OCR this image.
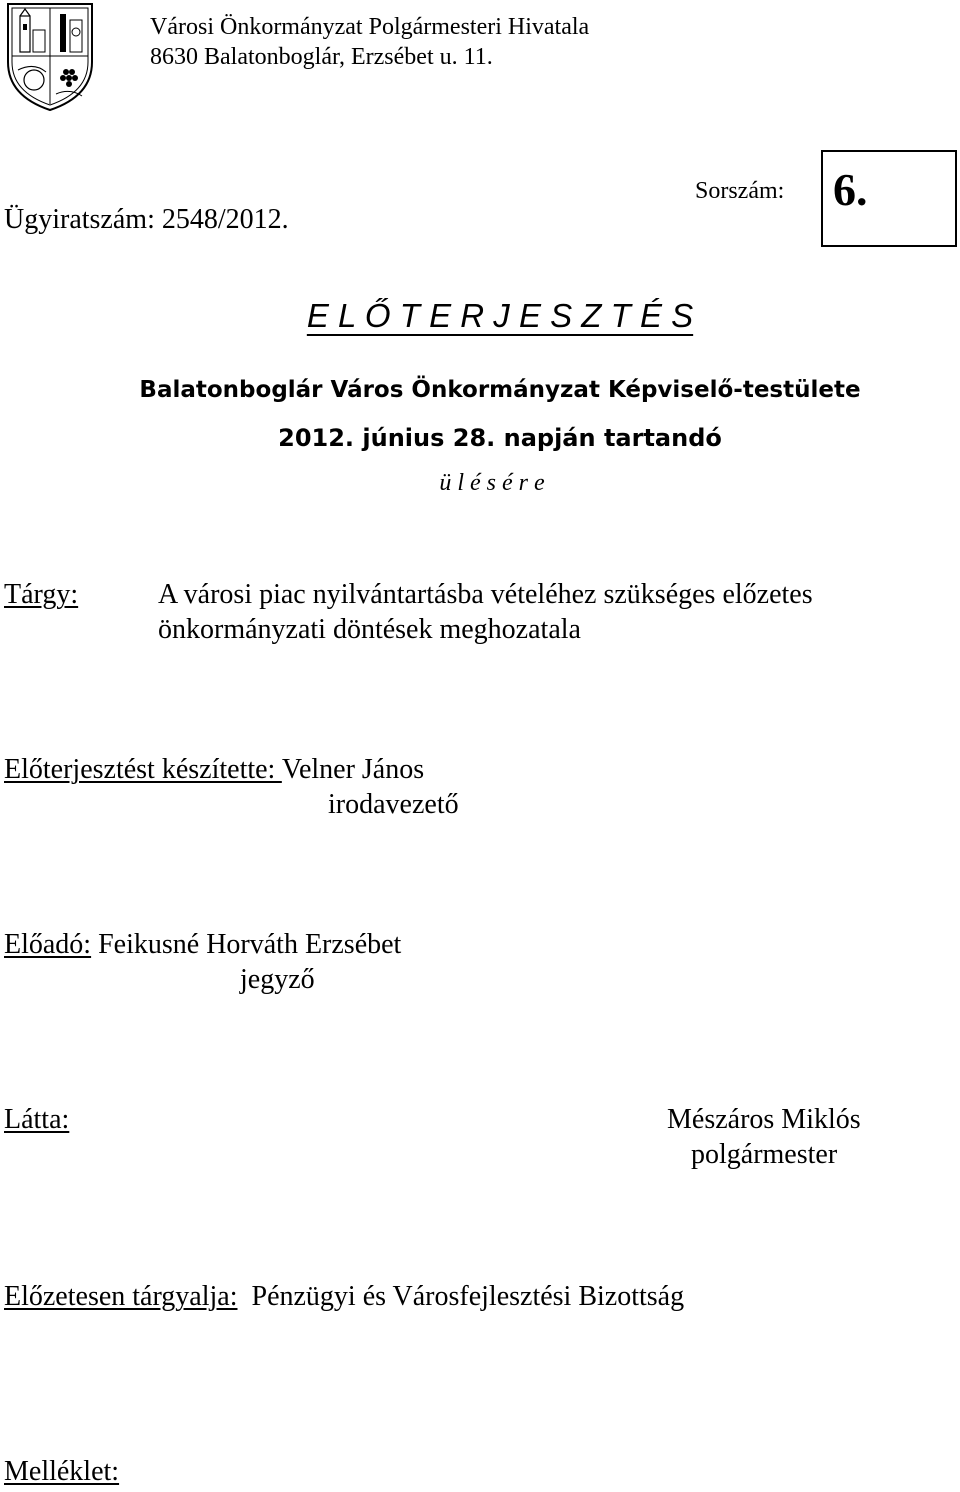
Városi Önkormányzat Polgármesteri Hivatala
8630 Balatonboglár, Erzsébet u. 11.
Ügyiratszám: 2548/2012.
Sorszám: 6.
E L Ő T E R J E S Z T É S
Balatonboglár Város Önkormányzat Képviselő-testülete
2012. június 28. napján tartandó
ü l é s é r e
Tárgy:	A városi piac nyilvántartásba vételéhez szükséges előzetes
önkormányzati döntések meghozatala
Előterjesztést készítette: Velner János
irodavezető
Előadó: Feikusné Horváth Erzsébet
jegyző
Látta:	Mészáros Miklós
polgármester
Előzetesen tárgyalja: Pénzügyi és Városfejlesztési Bizottság
Melléklet:
